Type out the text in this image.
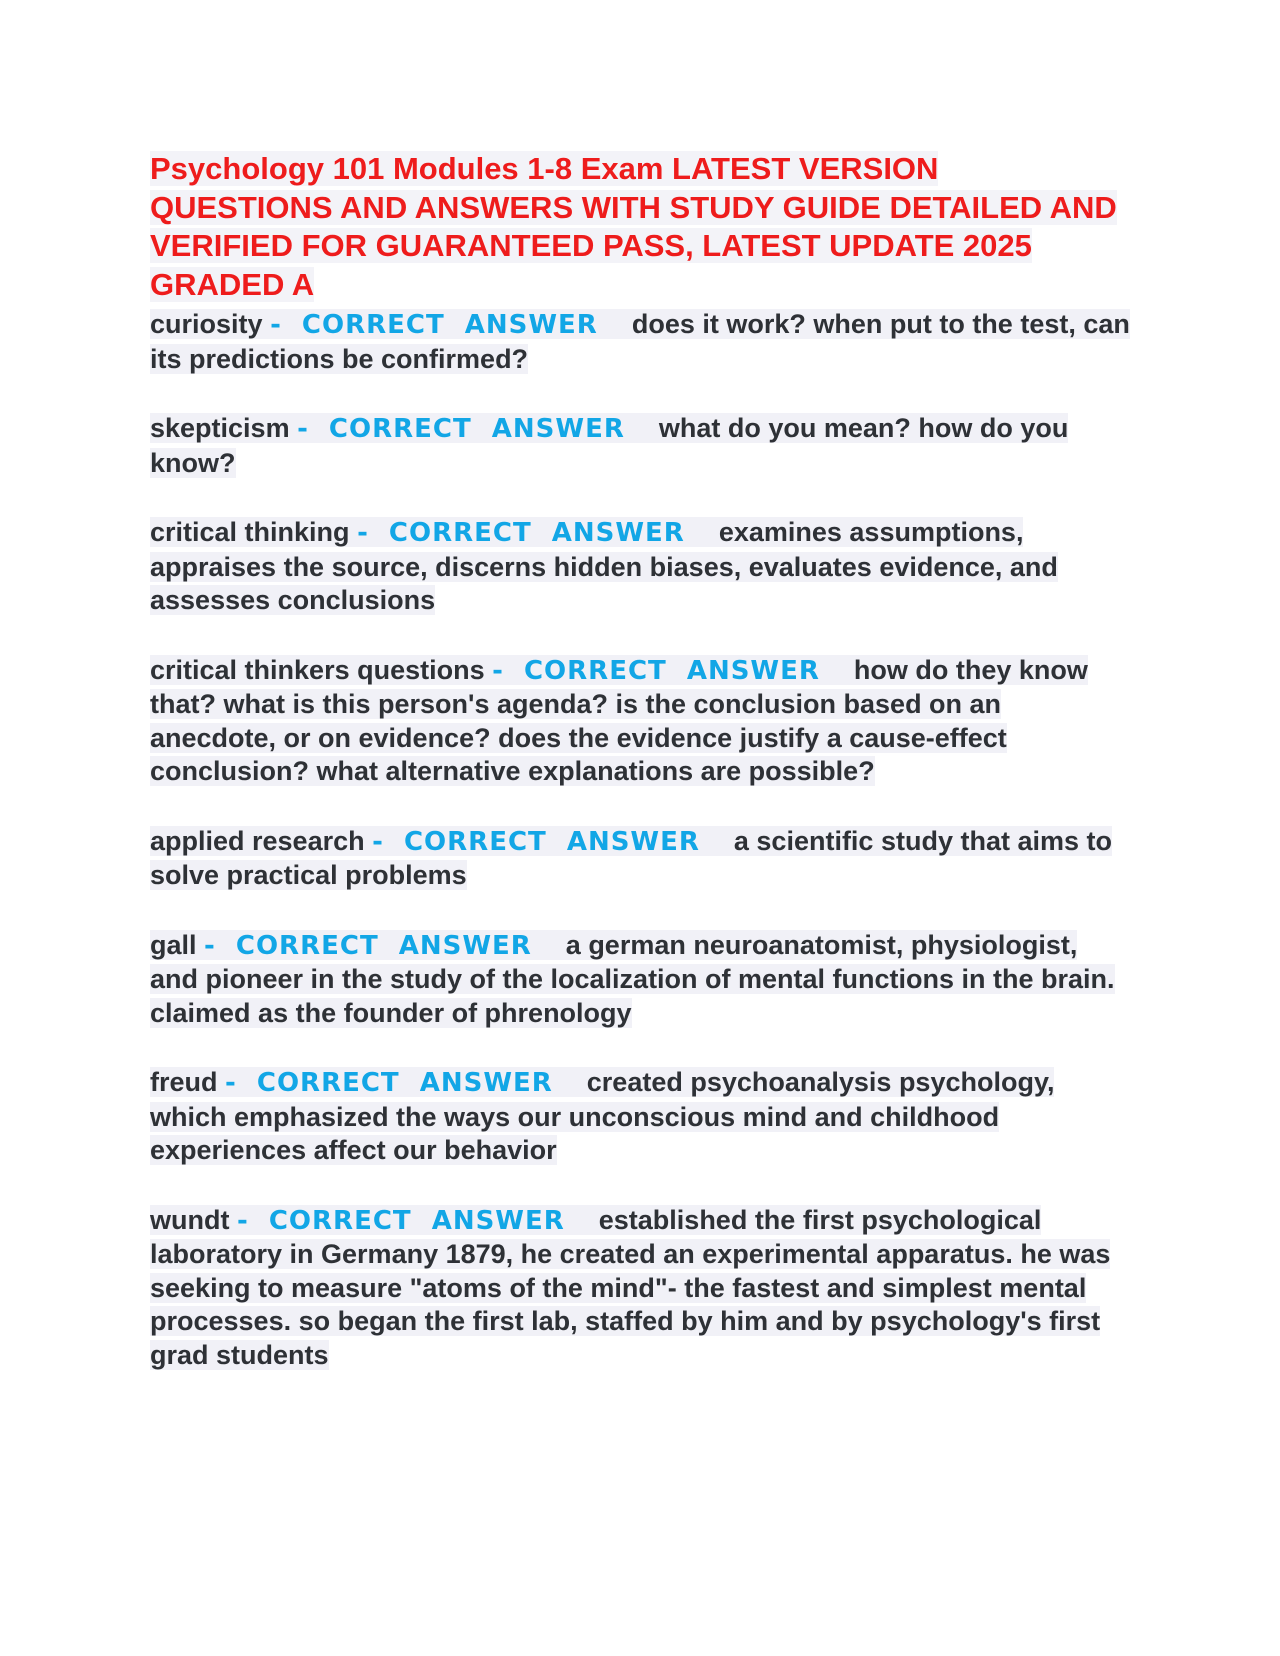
Psychology 101 Modules 1-8 Exam LATEST VERSION QUESTIONS AND ANSWERS WITH STUDY GUIDE DETAILED AND VERIFIED FOR GUARANTEED PASS, LATEST UPDATE 2025 GRADED A

curiosity - CORRECT ANSWER does it work? when put to the test, can its predictions be confirmed?

skepticism - CORRECT ANSWER what do you mean? how do you know?

critical thinking - CORRECT ANSWER examines assumptions, appraises the source, discerns hidden biases, evaluates evidence, and assesses conclusions

critical thinkers questions - CORRECT ANSWER how do they know that? what is this person's agenda? is the conclusion based on an anecdote, or on evidence? does the evidence justify a cause-effect conclusion? what alternative explanations are possible?

applied research - CORRECT ANSWER a scientific study that aims to solve practical problems

gall - CORRECT ANSWER a german neuroanatomist, physiologist, and pioneer in the study of the localization of mental functions in the brain. claimed as the founder of phrenology

freud - CORRECT ANSWER created psychoanalysis psychology, which emphasized the ways our unconscious mind and childhood experiences affect our behavior

wundt - CORRECT ANSWER established the first psychological laboratory in Germany 1879, he created an experimental apparatus. he was seeking to measure "atoms of the mind"- the fastest and simplest mental processes. so began the first lab, staffed by him and by psychology's first grad students
